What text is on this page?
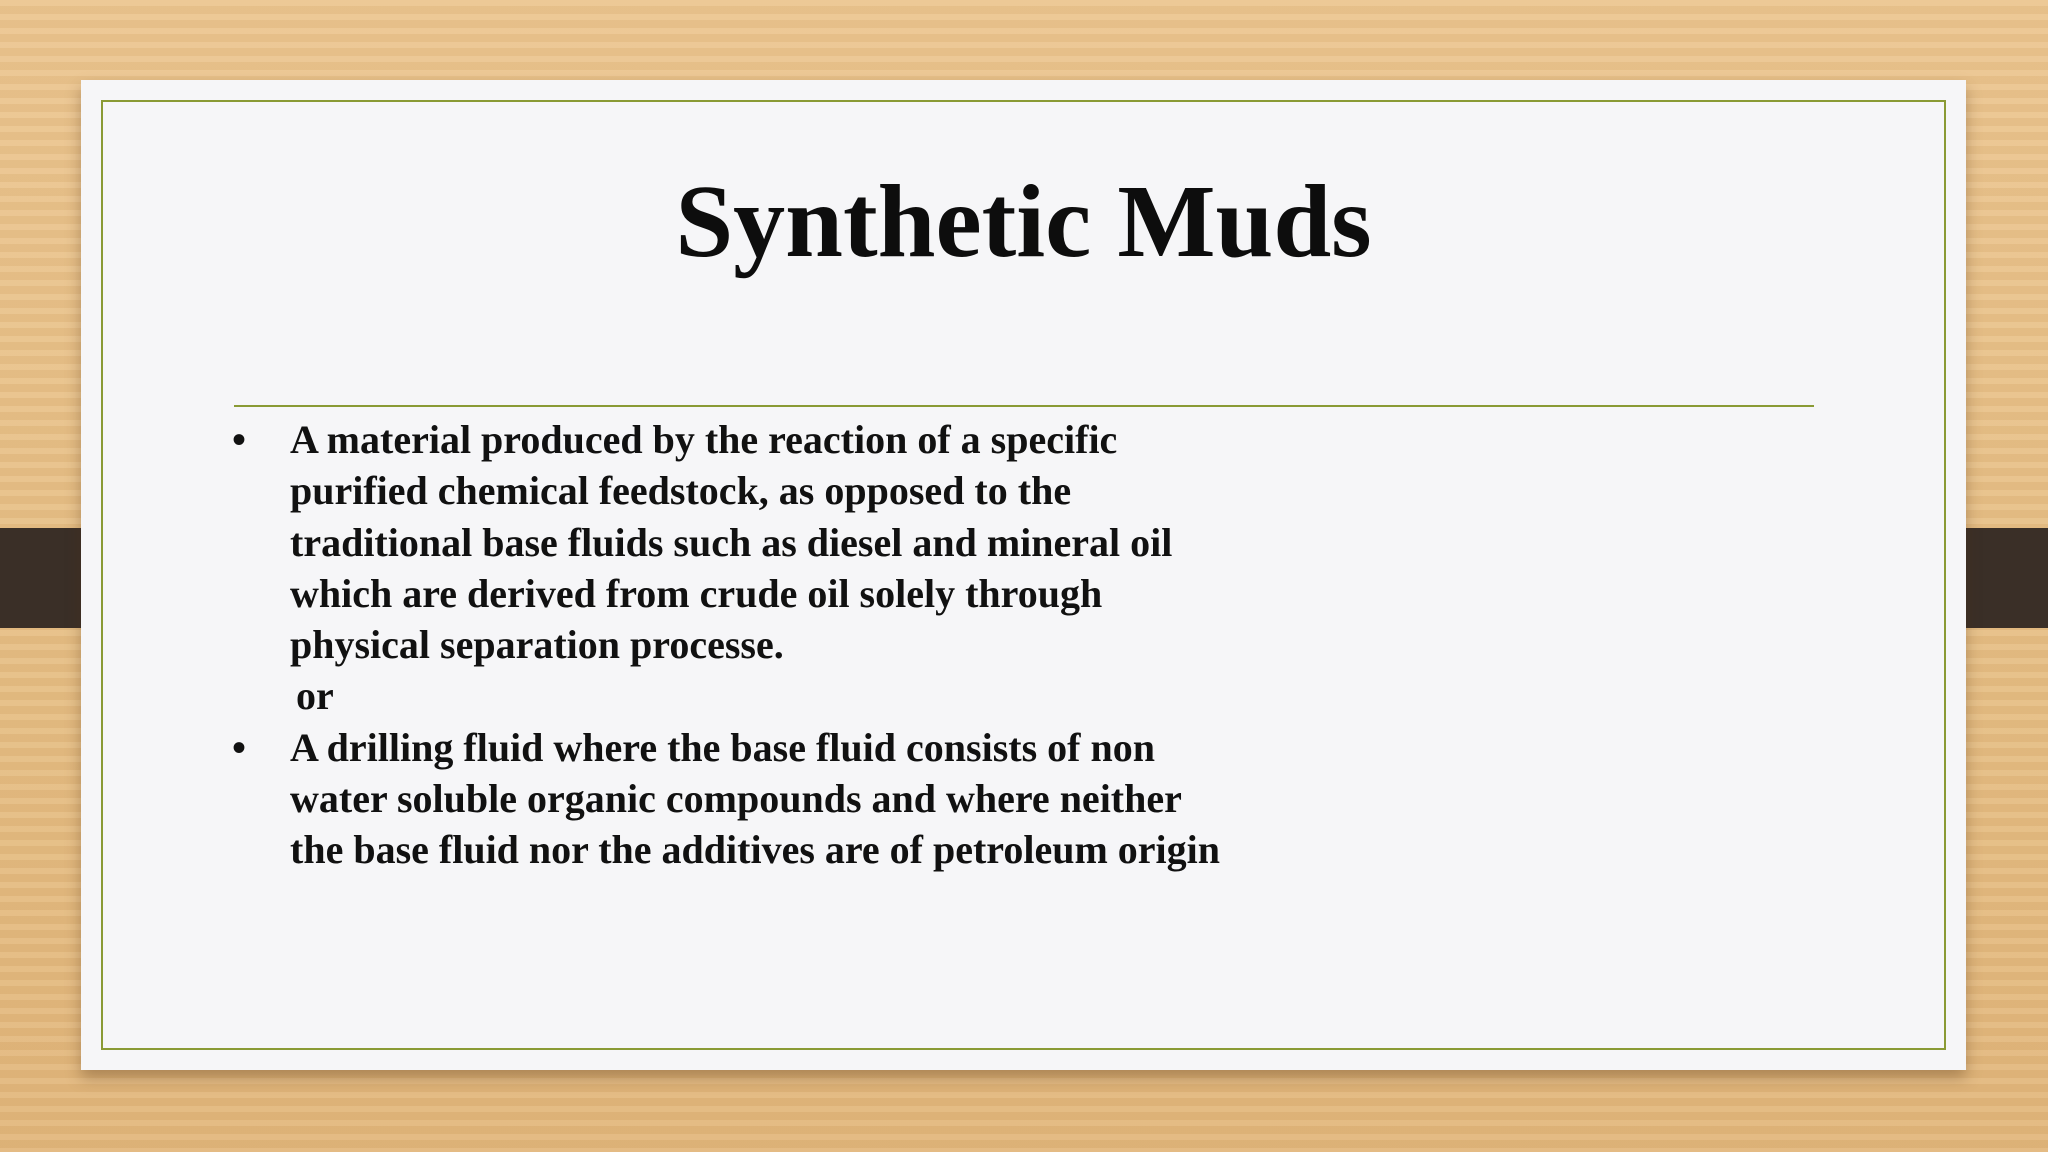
Synthetic Muds
• A material produced by the reaction of a specific purified chemical feedstock, as opposed to the traditional base fluids such as diesel and mineral oil which are derived from crude oil solely through physical separation processe.
or
• A drilling fluid where the base fluid consists of non water soluble organic compounds and where neither the base fluid nor the additives are of petroleum origin
